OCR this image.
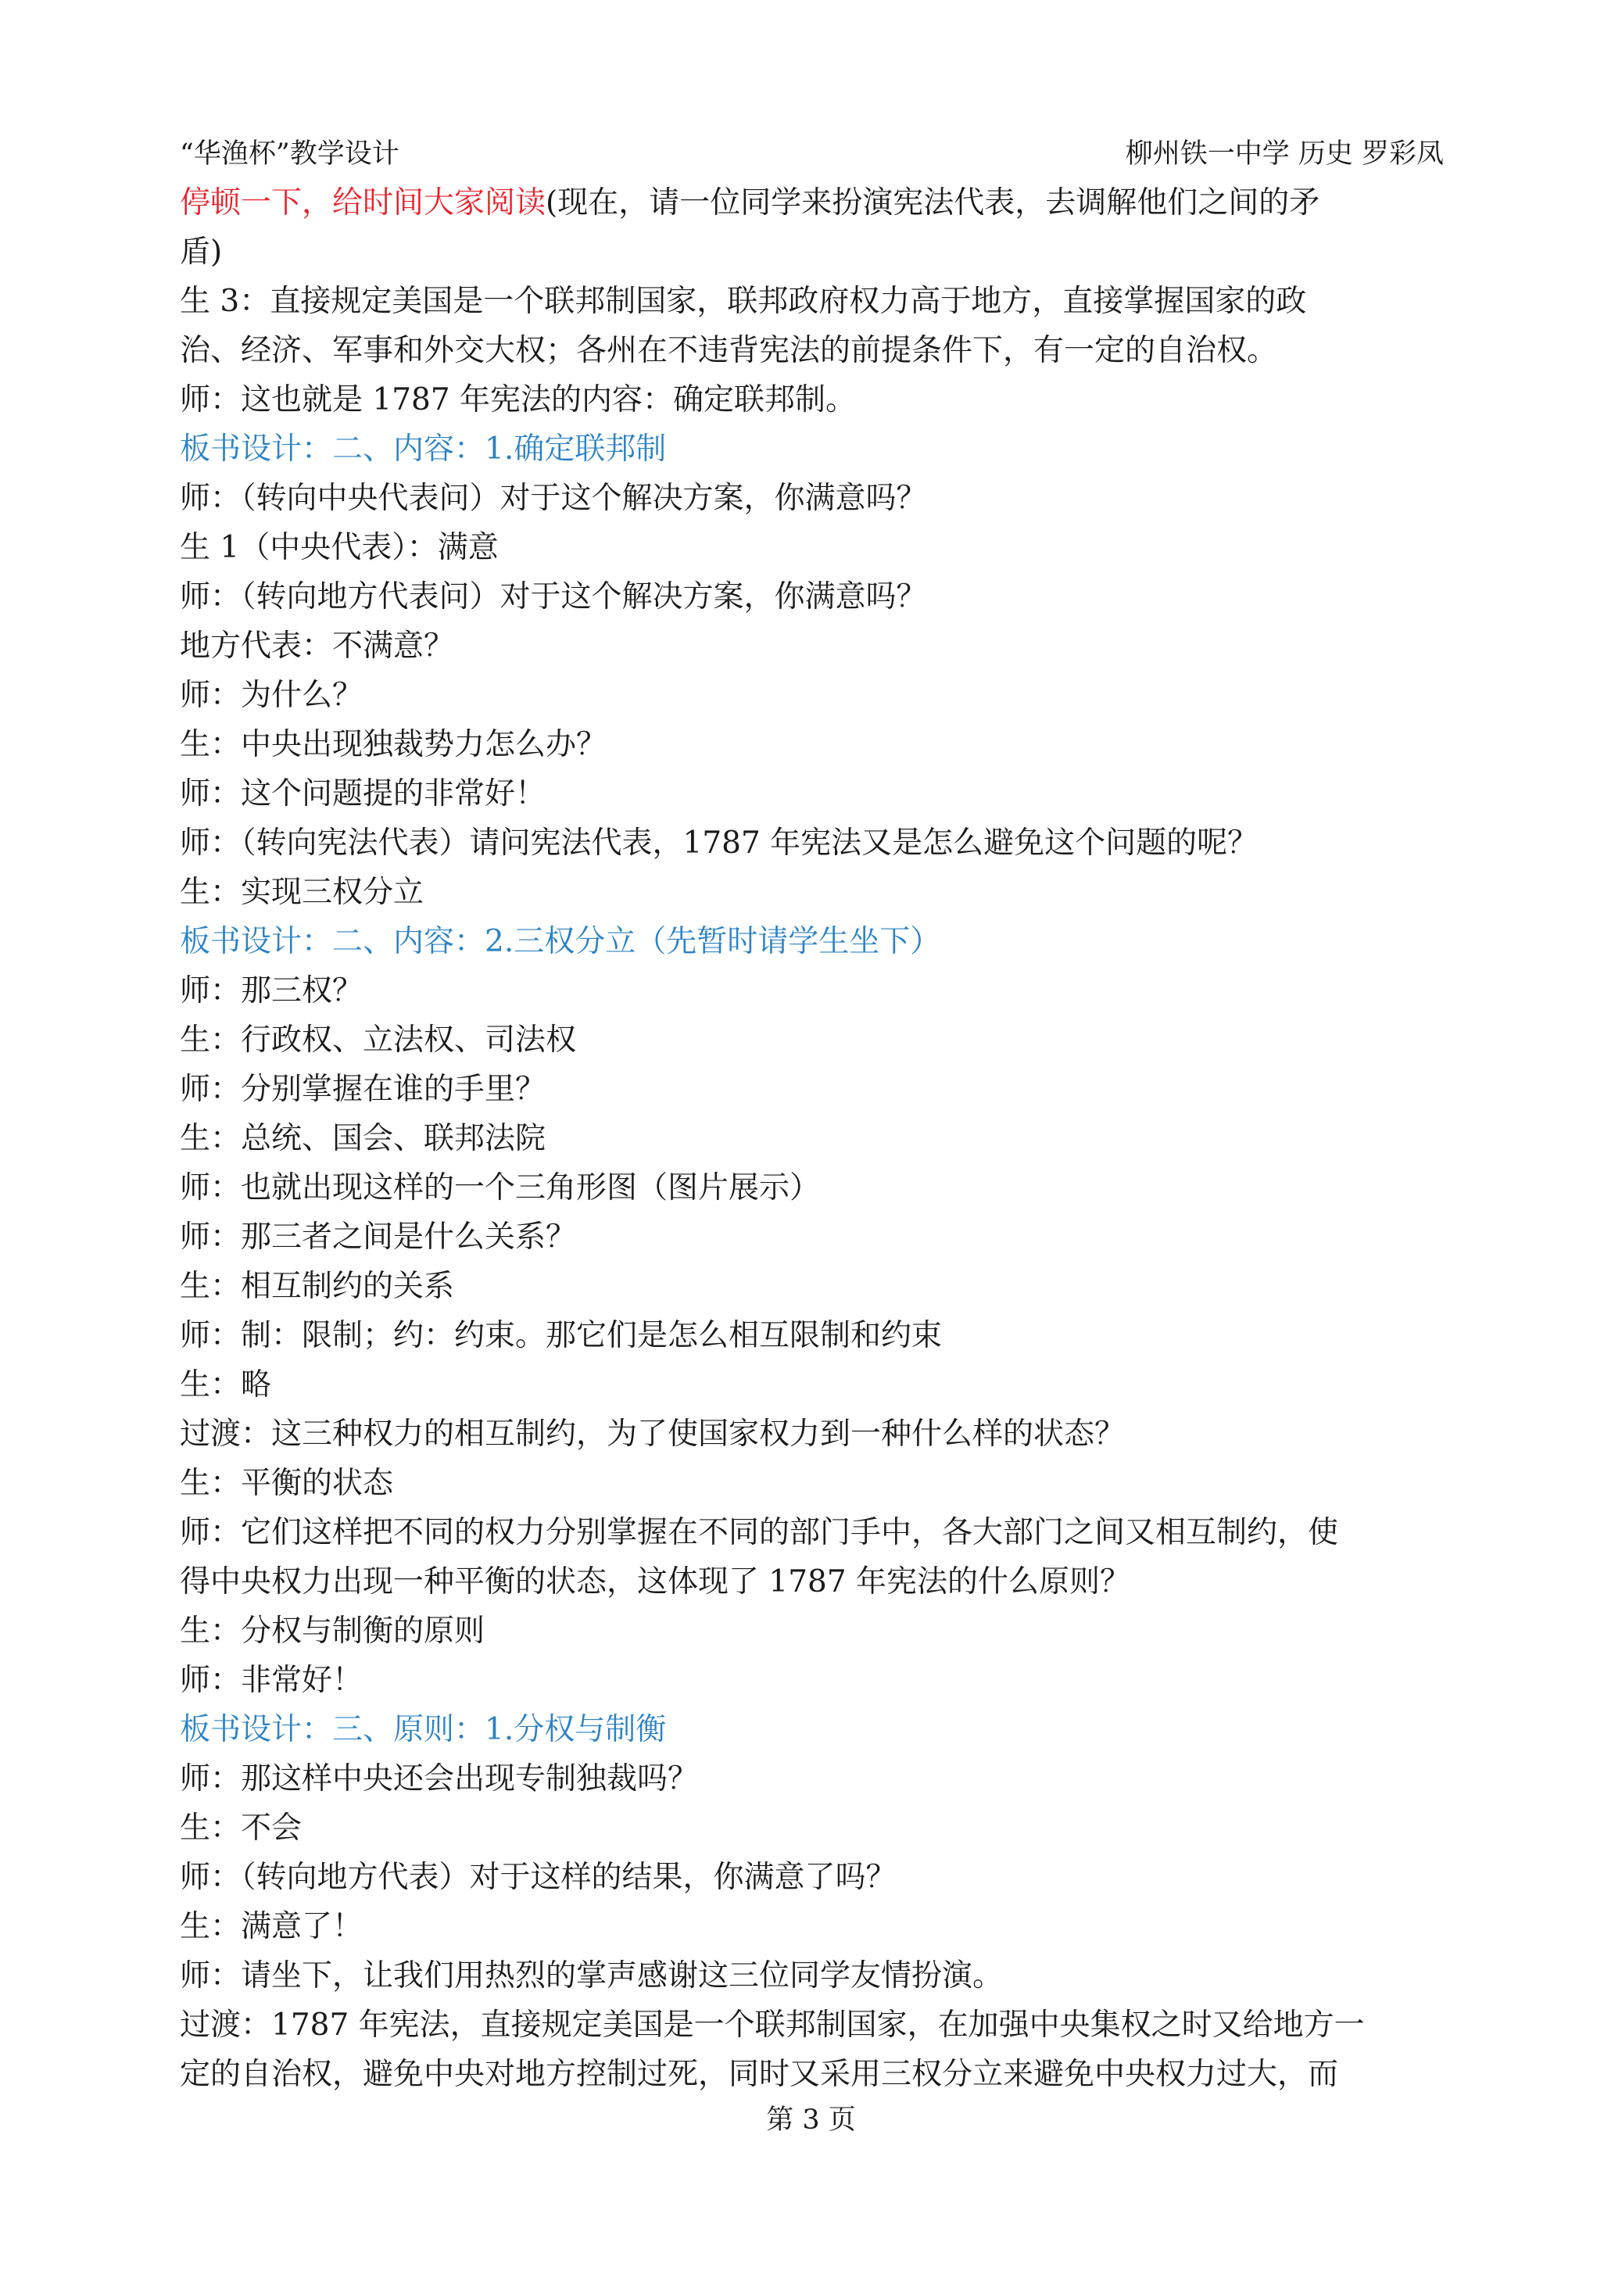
“华渔杯”教学设计	柳州铁一中学 历史 罗彩凤
停顿一下，给时间大家阅读(现在，请一位同学来扮演宪法代表，去调解他们之间的矛
盾)
生 3：直接规定美国是一个联邦制国家，联邦政府权力高于地方，直接掌握国家的政
治、经济、军事和外交大权；各州在不违背宪法的前提条件下，有一定的自治权。
师：这也就是 1787 年宪法的内容：确定联邦制。
板书设计：二、内容：1.确定联邦制
师：（转向中央代表问）对于这个解决方案，你满意吗？
生 1（中央代表）：满意
师：（转向地方代表问）对于这个解决方案，你满意吗？
地方代表：不满意？
师：为什么？
生：中央出现独裁势力怎么办？
师：这个问题提的非常好！
师：（转向宪法代表）请问宪法代表，1787 年宪法又是怎么避免这个问题的呢？
生：实现三权分立
板书设计：二、内容：2.三权分立（先暂时请学生坐下）
师：那三权？
生：行政权、立法权、司法权
师：分别掌握在谁的手里？
生：总统、国会、联邦法院
师：也就出现这样的一个三角形图（图片展示）
师：那三者之间是什么关系？
生：相互制约的关系
师：制：限制；约：约束。那它们是怎么相互限制和约束
生：略
过渡：这三种权力的相互制约，为了使国家权力到一种什么样的状态？
生：平衡的状态
师：它们这样把不同的权力分别掌握在不同的部门手中，各大部门之间又相互制约，使
得中央权力出现一种平衡的状态，这体现了 1787 年宪法的什么原则？
生：分权与制衡的原则
师：非常好！
板书设计：三、原则：1.分权与制衡
师：那这样中央还会出现专制独裁吗？
生：不会
师：（转向地方代表）对于这样的结果，你满意了吗？
生：满意了！
师：请坐下，让我们用热烈的掌声感谢这三位同学友情扮演。
过渡：1787 年宪法，直接规定美国是一个联邦制国家，在加强中央集权之时又给地方一
定的自治权，避免中央对地方控制过死，同时又采用三权分立来避免中央权力过大，而
第 3 页
